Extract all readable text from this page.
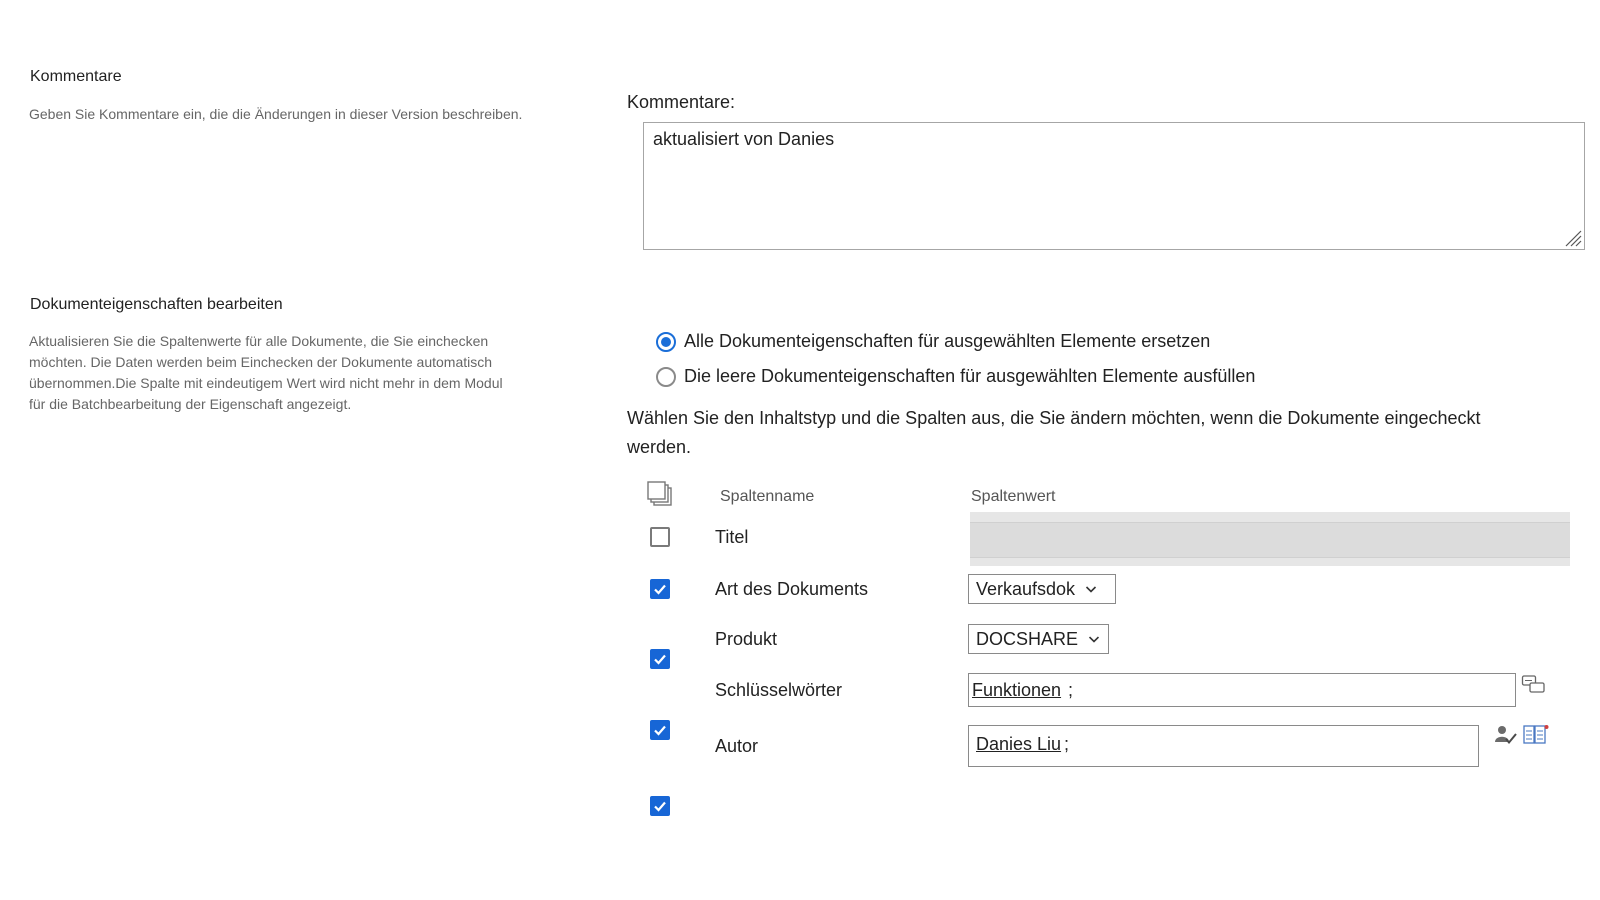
Kommentare
Geben Sie Kommentare ein, die die Änderungen in dieser Version beschreiben.
Kommentare:
aktualisiert von Danies
Dokumenteigenschaften bearbeiten
Aktualisieren Sie die Spaltenwerte für alle Dokumente, die Sie einchecken
möchten. Die Daten werden beim Einchecken der Dokumente automatisch
übernommen.Die Spalte mit eindeutigem Wert wird nicht mehr in dem Modul
für die Batchbearbeitung der Eigenschaft angezeigt.
Alle Dokumenteigenschaften für ausgewählten Elemente ersetzen
Die leere Dokumenteigenschaften für ausgewählten Elemente ausfüllen
Wählen Sie den Inhaltstyp und die Spalten aus, die Sie ändern möchten, wenn die Dokumente eingecheckt
werden.
Spaltenname	Spaltenwert
Titel
Art des Dokuments	Verkaufsdok
Produkt	DOCSHARE
Schlüsselwörter	Funktionen ;
Autor	Danies Liu ;
